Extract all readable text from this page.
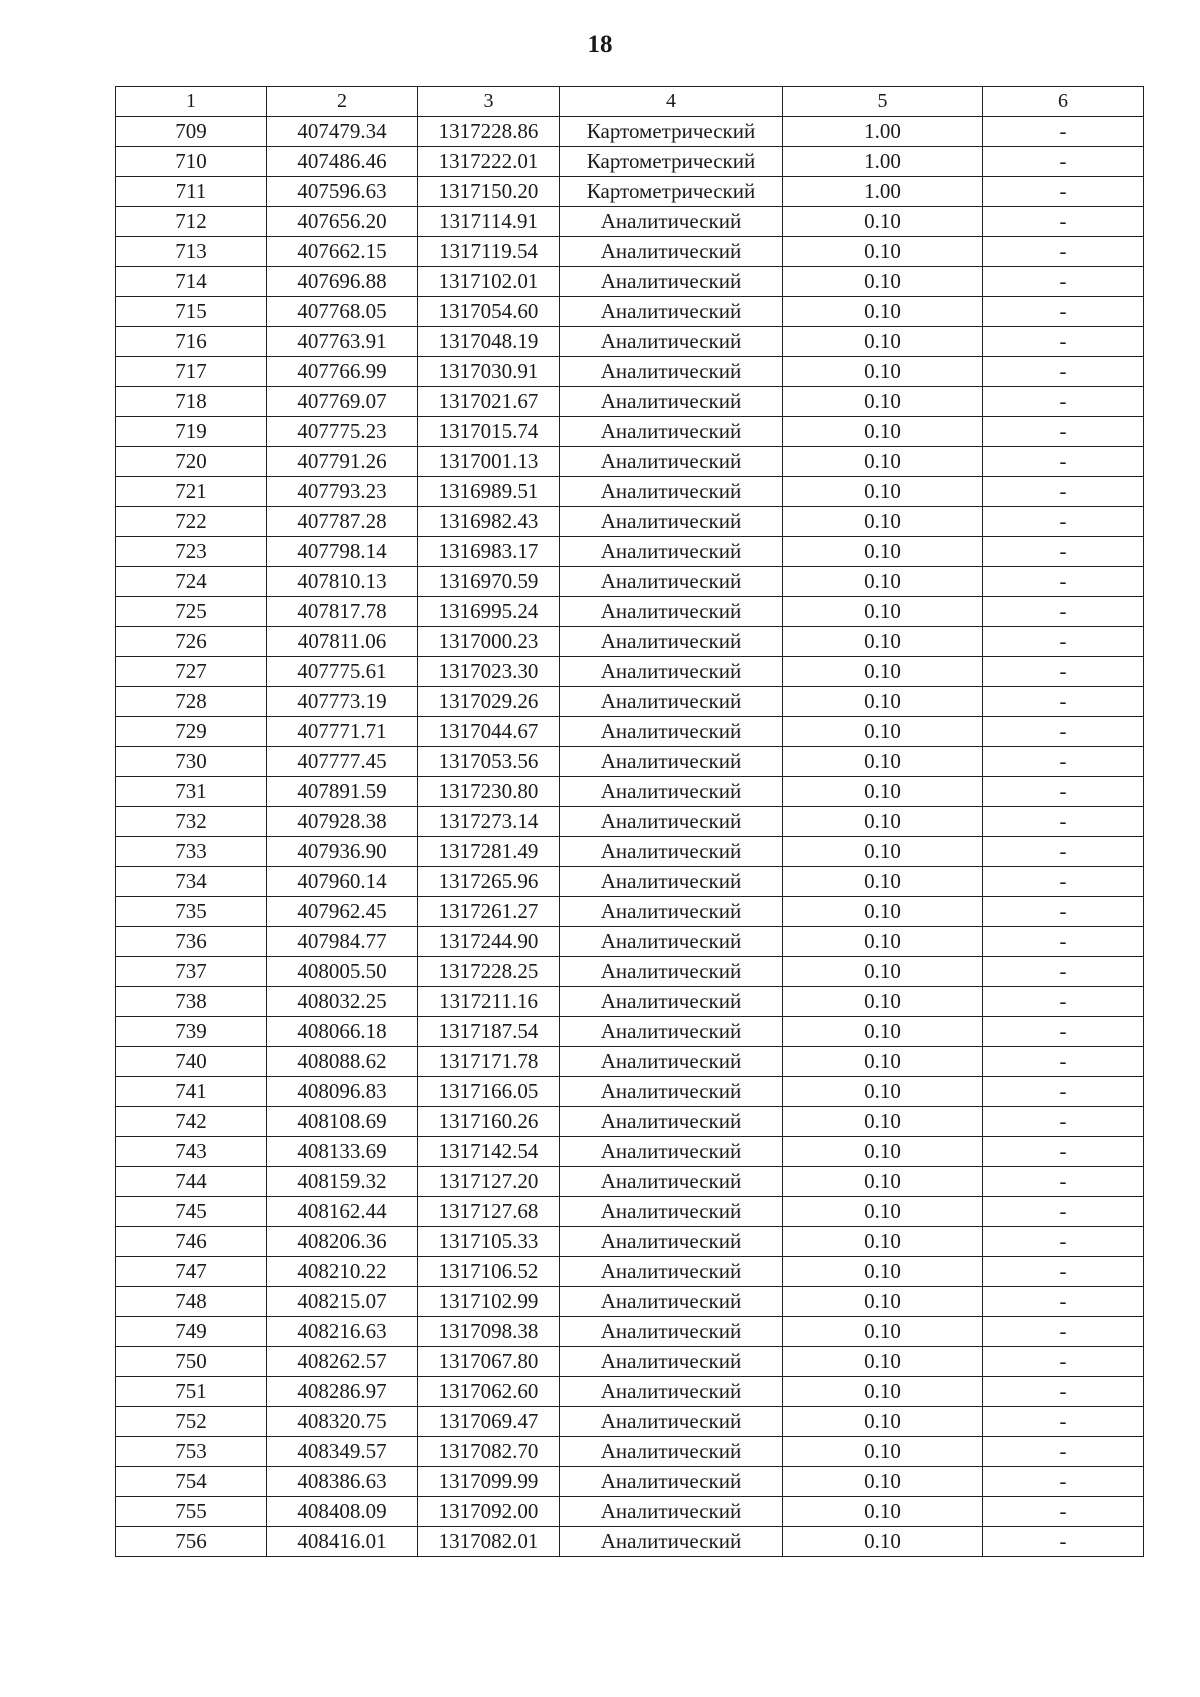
18
1	2	3	4	5	6
709	407479.34	1317228.86	Картометрический	1.00	-
710	407486.46	1317222.01	Картометрический	1.00	-
711	407596.63	1317150.20	Картометрический	1.00	-
712	407656.20	1317114.91	Аналитический	0.10	-
713	407662.15	1317119.54	Аналитический	0.10	-
714	407696.88	1317102.01	Аналитический	0.10	-
715	407768.05	1317054.60	Аналитический	0.10	-
716	407763.91	1317048.19	Аналитический	0.10	-
717	407766.99	1317030.91	Аналитический	0.10	-
718	407769.07	1317021.67	Аналитический	0.10	-
719	407775.23	1317015.74	Аналитический	0.10	-
720	407791.26	1317001.13	Аналитический	0.10	-
721	407793.23	1316989.51	Аналитический	0.10	-
722	407787.28	1316982.43	Аналитический	0.10	-
723	407798.14	1316983.17	Аналитический	0.10	-
724	407810.13	1316970.59	Аналитический	0.10	-
725	407817.78	1316995.24	Аналитический	0.10	-
726	407811.06	1317000.23	Аналитический	0.10	-
727	407775.61	1317023.30	Аналитический	0.10	-
728	407773.19	1317029.26	Аналитический	0.10	-
729	407771.71	1317044.67	Аналитический	0.10	-
730	407777.45	1317053.56	Аналитический	0.10	-
731	407891.59	1317230.80	Аналитический	0.10	-
732	407928.38	1317273.14	Аналитический	0.10	-
733	407936.90	1317281.49	Аналитический	0.10	-
734	407960.14	1317265.96	Аналитический	0.10	-
735	407962.45	1317261.27	Аналитический	0.10	-
736	407984.77	1317244.90	Аналитический	0.10	-
737	408005.50	1317228.25	Аналитический	0.10	-
738	408032.25	1317211.16	Аналитический	0.10	-
739	408066.18	1317187.54	Аналитический	0.10	-
740	408088.62	1317171.78	Аналитический	0.10	-
741	408096.83	1317166.05	Аналитический	0.10	-
742	408108.69	1317160.26	Аналитический	0.10	-
743	408133.69	1317142.54	Аналитический	0.10	-
744	408159.32	1317127.20	Аналитический	0.10	-
745	408162.44	1317127.68	Аналитический	0.10	-
746	408206.36	1317105.33	Аналитический	0.10	-
747	408210.22	1317106.52	Аналитический	0.10	-
748	408215.07	1317102.99	Аналитический	0.10	-
749	408216.63	1317098.38	Аналитический	0.10	-
750	408262.57	1317067.80	Аналитический	0.10	-
751	408286.97	1317062.60	Аналитический	0.10	-
752	408320.75	1317069.47	Аналитический	0.10	-
753	408349.57	1317082.70	Аналитический	0.10	-
754	408386.63	1317099.99	Аналитический	0.10	-
755	408408.09	1317092.00	Аналитический	0.10	-
756	408416.01	1317082.01	Аналитический	0.10	-
